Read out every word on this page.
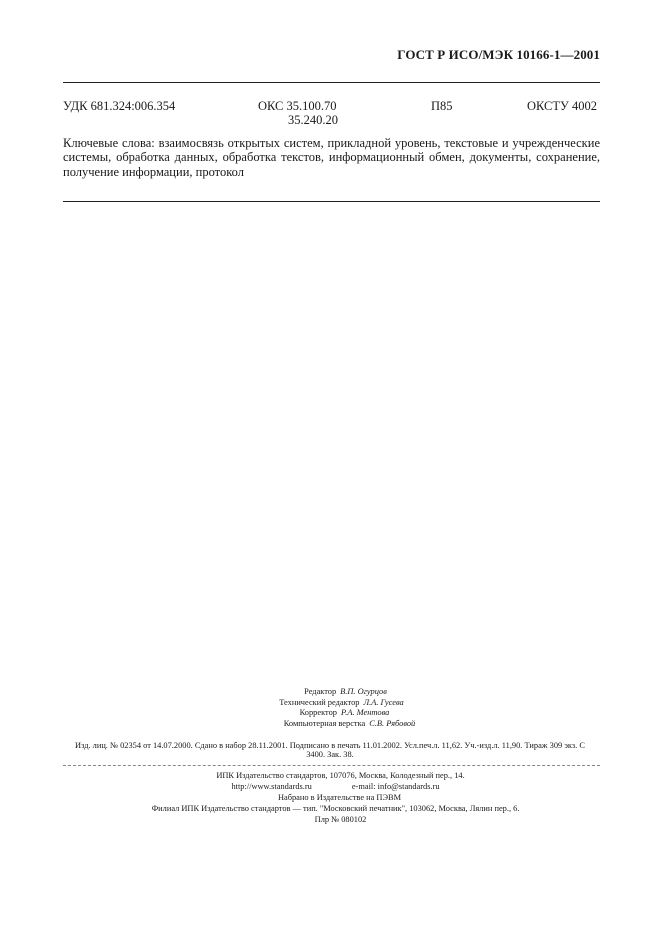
ГОСТ Р ИСО/МЭК 10166-1—2001
УДК 681.324:006.354	ОКС 35.100.70
35.240.20
П85	ОКСТУ 4002
Ключевые слова: взаимосвязь открытых систем, прикладной уровень, текстовые и учрежденческие системы, обработка данных, обработка текстов, информационный обмен, документы, сохранение, получение информации, протокол
Редактор В.П. Огурцов
Технический редактор Л.А. Гусева
Корректор Р.А. Ментова
Компьютерная верстка С.В. Рябовой
Изд. лиц. № 02354 от 14.07.2000. Сдано в набор 28.11.2001. Подписано в печать 11.01.2002. Усл.печ.л. 11,62. Уч.-изд.л. 11,90. Тираж 309 экз. С 3400. Зак. 38.
ИПК Издательство стандартов, 107076, Москва, Колодезный пер., 14.
http://www.standards.ru	e-mail: info@standards.ru
Набрано в Издательстве на ПЭВМ
Филиал ИПК Издательство стандартов — тип. "Московский печатник", 103062, Москва, Лялин пер., 6.
Плр № 080102
